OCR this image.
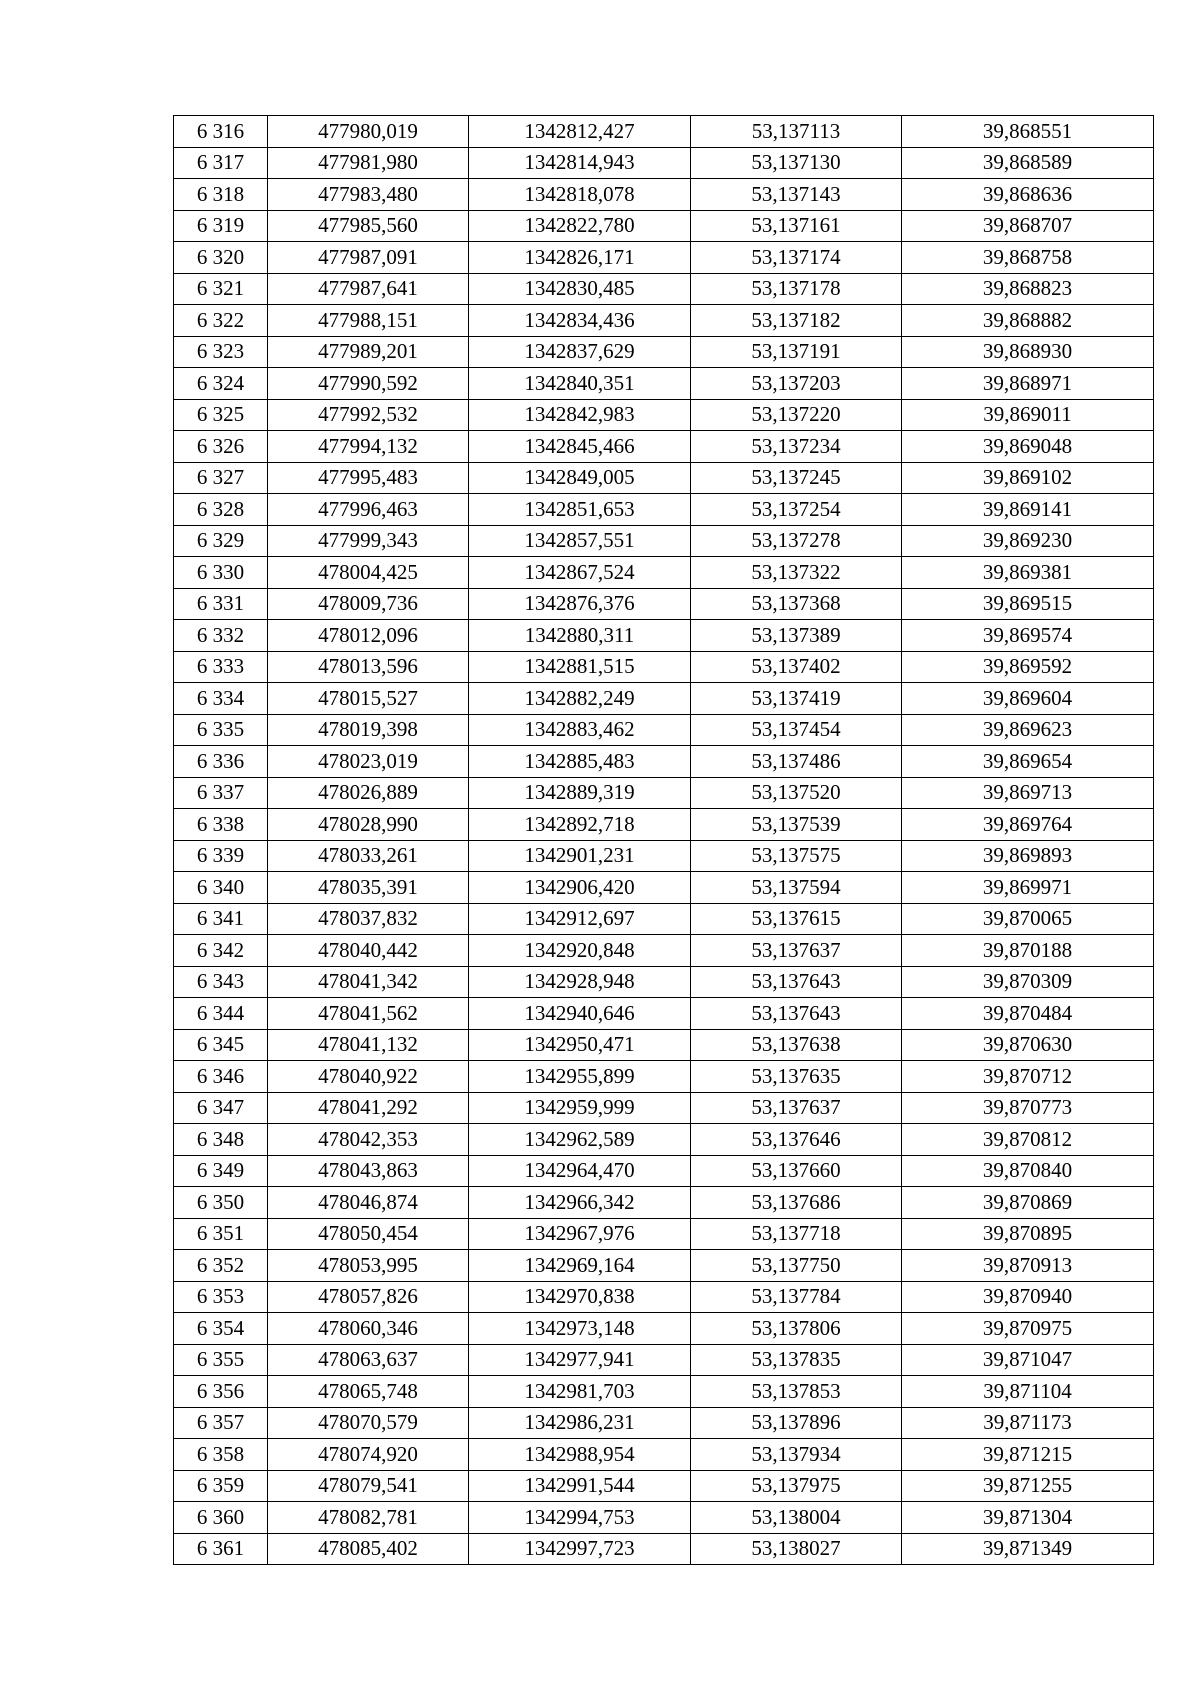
6 316	477980,019	1342812,427	53,137113	39,868551
6 317	477981,980	1342814,943	53,137130	39,868589
6 318	477983,480	1342818,078	53,137143	39,868636
6 319	477985,560	1342822,780	53,137161	39,868707
6 320	477987,091	1342826,171	53,137174	39,868758
6 321	477987,641	1342830,485	53,137178	39,868823
6 322	477988,151	1342834,436	53,137182	39,868882
6 323	477989,201	1342837,629	53,137191	39,868930
6 324	477990,592	1342840,351	53,137203	39,868971
6 325	477992,532	1342842,983	53,137220	39,869011
6 326	477994,132	1342845,466	53,137234	39,869048
6 327	477995,483	1342849,005	53,137245	39,869102
6 328	477996,463	1342851,653	53,137254	39,869141
6 329	477999,343	1342857,551	53,137278	39,869230
6 330	478004,425	1342867,524	53,137322	39,869381
6 331	478009,736	1342876,376	53,137368	39,869515
6 332	478012,096	1342880,311	53,137389	39,869574
6 333	478013,596	1342881,515	53,137402	39,869592
6 334	478015,527	1342882,249	53,137419	39,869604
6 335	478019,398	1342883,462	53,137454	39,869623
6 336	478023,019	1342885,483	53,137486	39,869654
6 337	478026,889	1342889,319	53,137520	39,869713
6 338	478028,990	1342892,718	53,137539	39,869764
6 339	478033,261	1342901,231	53,137575	39,869893
6 340	478035,391	1342906,420	53,137594	39,869971
6 341	478037,832	1342912,697	53,137615	39,870065
6 342	478040,442	1342920,848	53,137637	39,870188
6 343	478041,342	1342928,948	53,137643	39,870309
6 344	478041,562	1342940,646	53,137643	39,870484
6 345	478041,132	1342950,471	53,137638	39,870630
6 346	478040,922	1342955,899	53,137635	39,870712
6 347	478041,292	1342959,999	53,137637	39,870773
6 348	478042,353	1342962,589	53,137646	39,870812
6 349	478043,863	1342964,470	53,137660	39,870840
6 350	478046,874	1342966,342	53,137686	39,870869
6 351	478050,454	1342967,976	53,137718	39,870895
6 352	478053,995	1342969,164	53,137750	39,870913
6 353	478057,826	1342970,838	53,137784	39,870940
6 354	478060,346	1342973,148	53,137806	39,870975
6 355	478063,637	1342977,941	53,137835	39,871047
6 356	478065,748	1342981,703	53,137853	39,871104
6 357	478070,579	1342986,231	53,137896	39,871173
6 358	478074,920	1342988,954	53,137934	39,871215
6 359	478079,541	1342991,544	53,137975	39,871255
6 360	478082,781	1342994,753	53,138004	39,871304
6 361	478085,402	1342997,723	53,138027	39,871349
